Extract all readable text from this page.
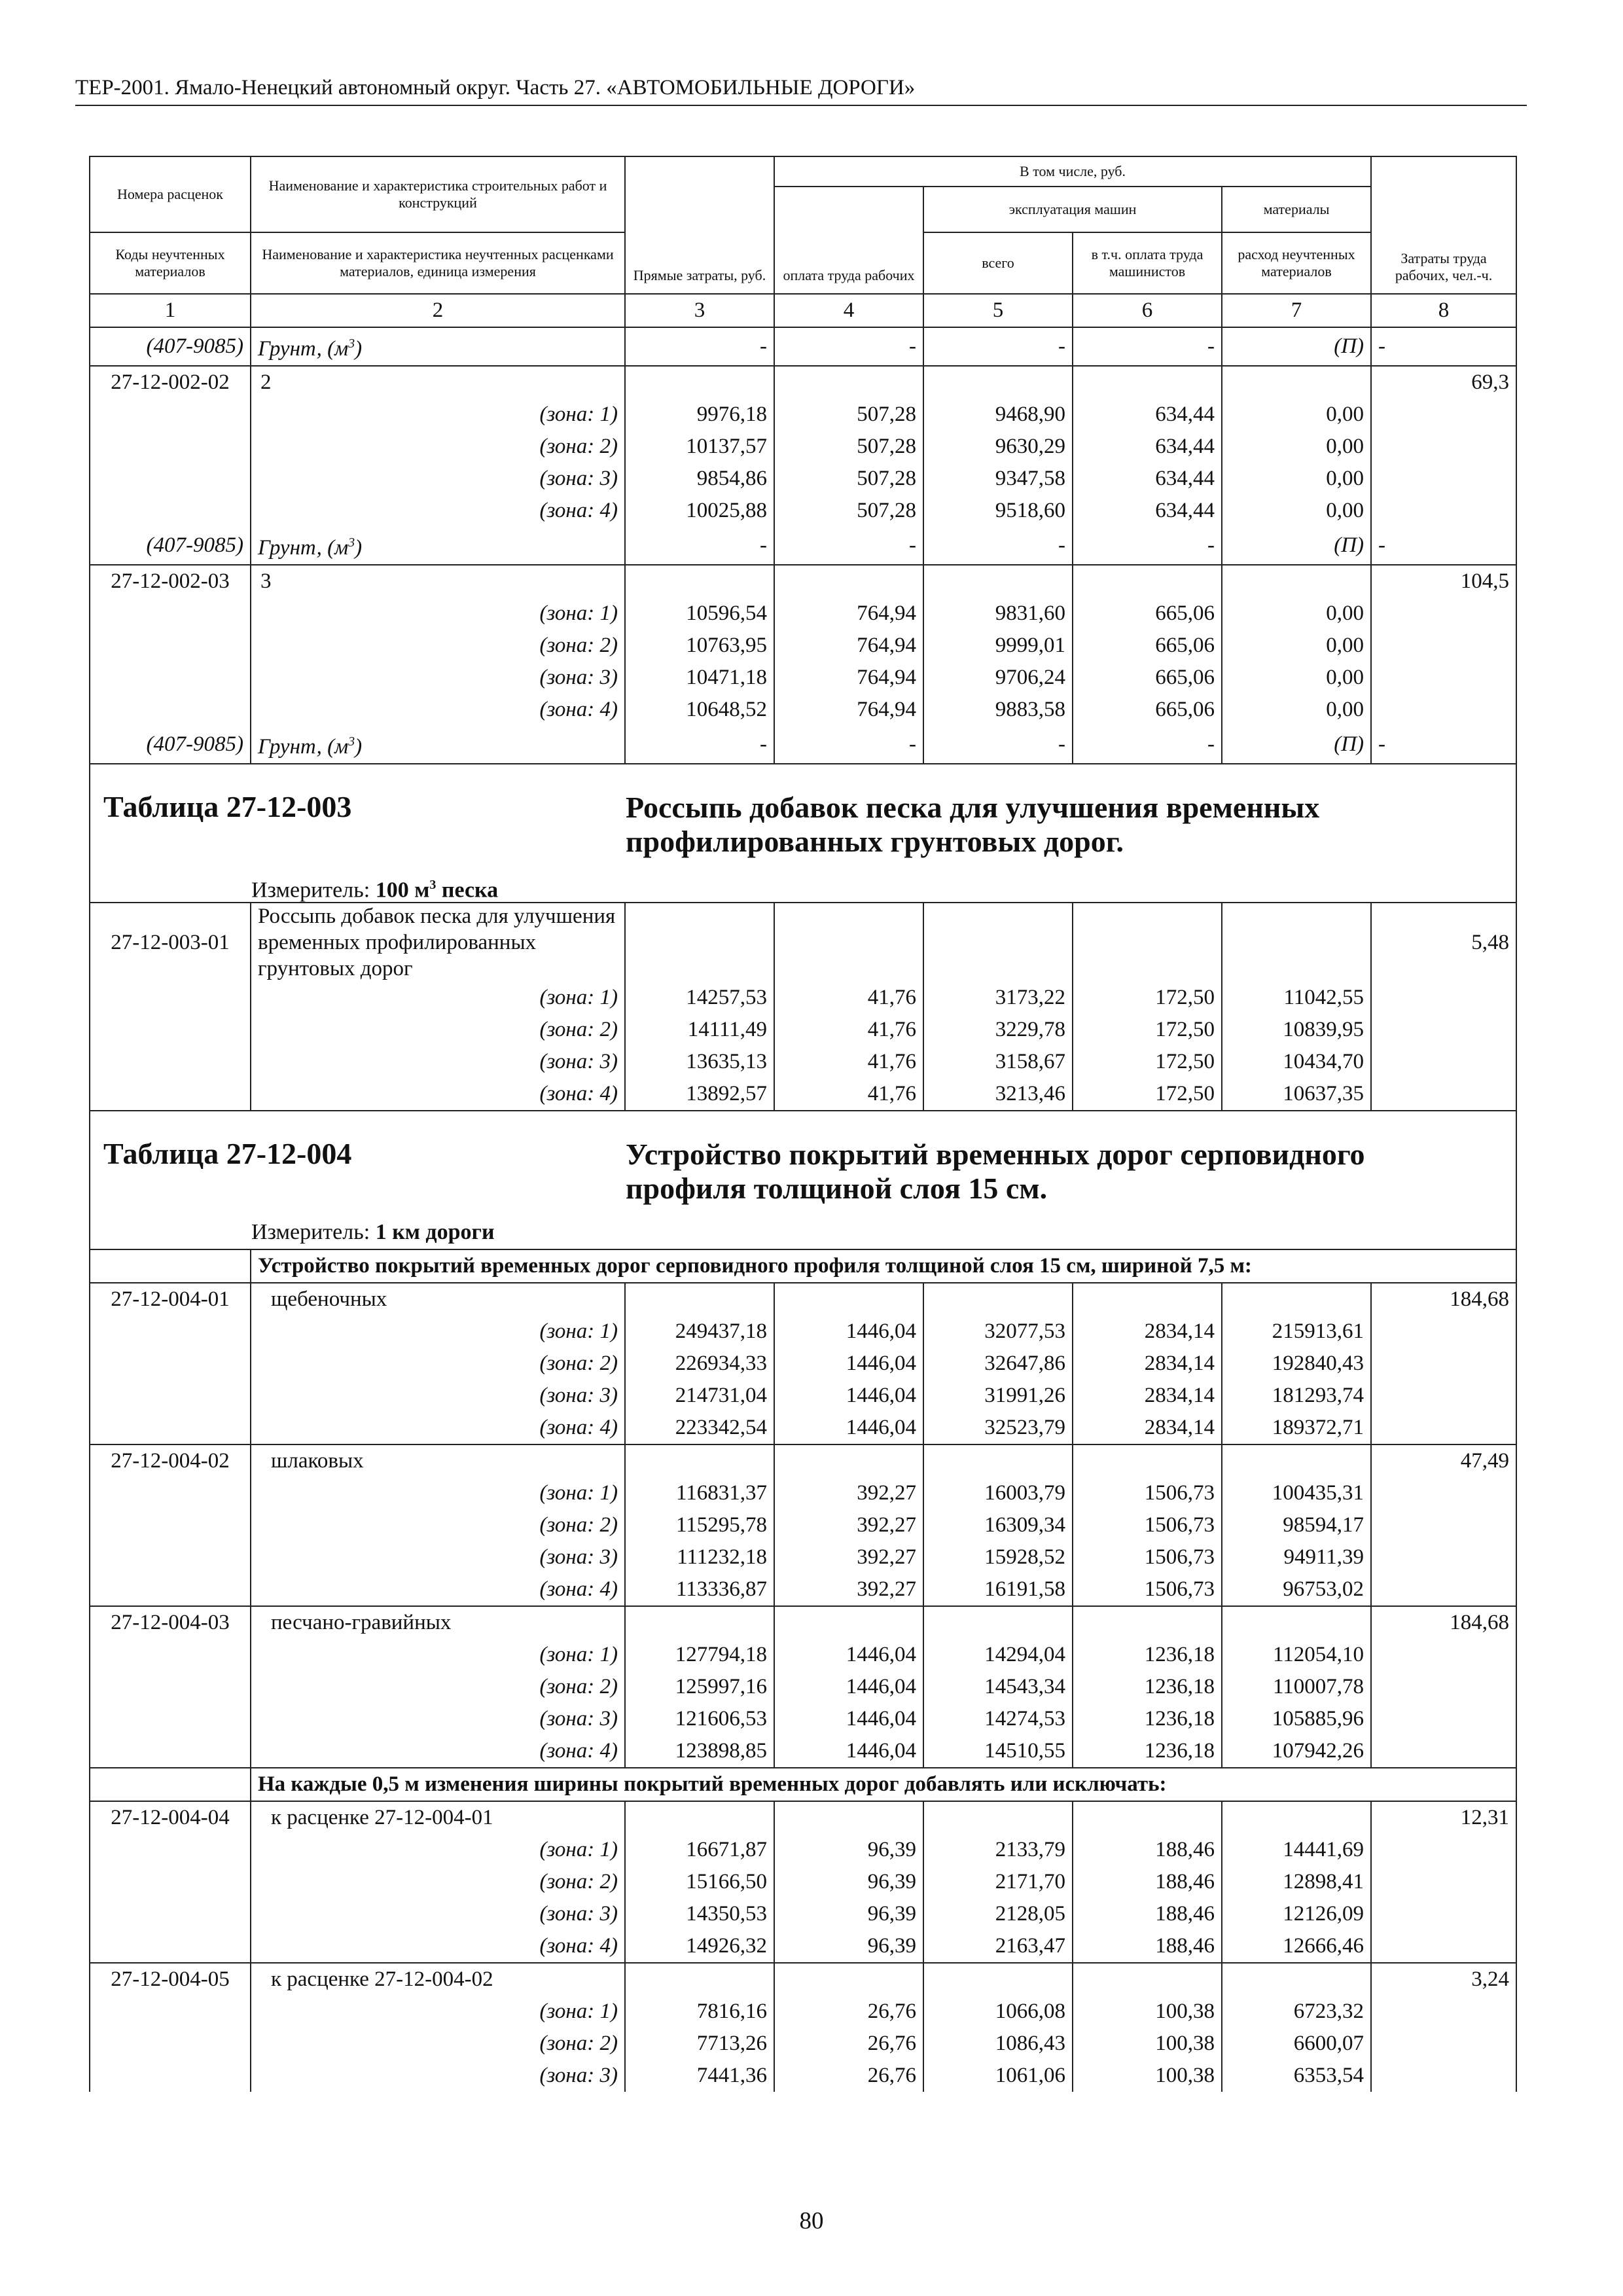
ТЕР-2001. Ямало-Ненецкий автономный округ. Часть 27. «АВТОМОБИЛЬНЫЕ ДОРОГИ»
Номера расценок	Наименование и характеристика строительных работ и конструкций	Прямые затраты, руб.	В том числе, руб.				Затраты труда рабочих, чел.-ч.
			оплата труда рабочих	эксплуатация машин		материалы	
Коды неучтенных материалов	Наименование и характеристика неучтенных расценками материалов, единица измерения			всего	в т.ч. оплата труда машинистов	расход неучтенных материалов	
1	2	3	4	5	6	7	8
(407-9085)	Грунт, $(м^3)$	-	-	-	-	(П)	-
27-12-002-02	2						69,3
	(зона: 1)	9976,18	507,28	9468,90	634,44	0,00	
	(зона: 2)	10137,57	507,28	9630,29	634,44	0,00	
	(зона: 3)	9854,86	507,28	9347,58	634,44	0,00	
	(зона: 4)	10025,88	507,28	9518,60	634,44	0,00	
(407-9085)	Грунт, $(м^3)$	-	-	-	-	(П)	-
27-12-002-03	3						104,5
	(зона: 1)	10596,54	764,94	9831,60	665,06	0,00	
	(зона: 2)	10763,95	764,94	9999,01	665,06	0,00	
	(зона: 3)	10471,18	764,94	9706,24	665,06	0,00	
	(зона: 4)	10648,52	764,94	9883,58	665,06	0,00	
(407-9085)	Грунт, $(м^3)$	-	-	-	-	(П)	-

Таблица 27-12-003 Россыпь добавок песка для улучшения временных профилированных грунтовых дорог.
Измеритель: 100 $м^3$ песка							

27-12-003-01	Россыпь добавок песка для улучшения временных профилированных грунтовых дорог						5,48
	(зона: 1)	14257,53	41,76	3173,22	172,50	11042,55	
	(зона: 2)	14111,49	41,76	3229,78	172,50	10839,95	
	(зона: 3)	13635,13	41,76	3158,67	172,50	10434,70	
	(зона: 4)	13892,57	41,76	3213,46	172,50	10637,35	

Таблица 27-12-004 Устройство покрытий временных дорог серповидного профиля толщиной слоя 15 см.
Измеритель: 1 км дороги							

	Устройство покрытий временных дорог серповидного профиля толщиной слоя 15 см, шириной 7,5 м:						
27-12-004-01	щебеночных						184,68
	(зона: 1)	249437,18	1446,04	32077,53	2834,14	215913,61	
	(зона: 2)	226934,33	1446,04	32647,86	2834,14	192840,43	
	(зона: 3)	214731,04	1446,04	31991,26	2834,14	181293,74	
	(зона: 4)	223342,54	1446,04	32523,79	2834,14	189372,71	
27-12-004-02	шлаковых						47,49
	(зона: 1)	116831,37	392,27	16003,79	1506,73	100435,31	
	(зона: 2)	115295,78	392,27	16309,34	1506,73	98594,17	
	(зона: 3)	111232,18	392,27	15928,52	1506,73	94911,39	
	(зона: 4)	113336,87	392,27	16191,58	1506,73	96753,02	
27-12-004-03	песчано-гравийных						184,68
	(зона: 1)	127794,18	1446,04	14294,04	1236,18	112054,10	
	(зона: 2)	125997,16	1446,04	14543,34	1236,18	110007,78	
	(зона: 3)	121606,53	1446,04	14274,53	1236,18	105885,96	
	(зона: 4)	123898,85	1446,04	14510,55	1236,18	107942,26	
	На каждые 0,5 м изменения ширины покрытий временных дорог добавлять или исключать:						
27-12-004-04	к расценке 27-12-004-01						12,31
	(зона: 1)	16671,87	96,39	2133,79	188,46	14441,69	
	(зона: 2)	15166,50	96,39	2171,70	188,46	12898,41	
	(зона: 3)	14350,53	96,39	2128,05	188,46	12126,09	
	(зона: 4)	14926,32	96,39	2163,47	188,46	12666,46	
27-12-004-05	к расценке 27-12-004-02						3,24
	(зона: 1)	7816,16	26,76	1066,08	100,38	6723,32	
	(зона: 2)	7713,26	26,76	1086,43	100,38	6600,07	
	(зона: 3)	7441,36	26,76	1061,06	100,38	6353,54	
80
